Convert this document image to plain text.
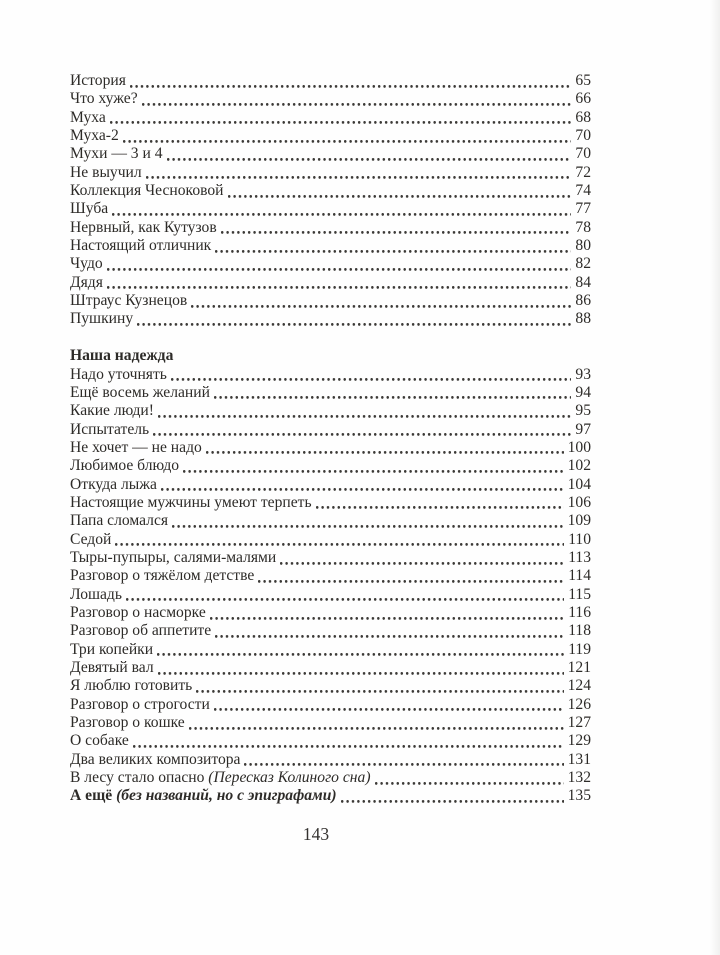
История	65
Что хуже?	66
Муха	68
Муха-2	70
Мухи — 3 и 4	70
Не выучил	72
Коллекция Чесноковой	74
Шуба	77
Нервный, как Кутузов	78
Настоящий отличник	80
Чудо	82
Дядя	84
Штраус Кузнецов	86
Пушкину	88
Наша надежда
Надо уточнять	93
Ещё восемь желаний	94
Какие люди!	95
Испытатель	97
Не хочет — не надо	100
Любимое блюдо	102
Откуда лыжа	104
Настоящие мужчины умеют терпеть	106
Папа сломался	109
Седой	110
Тыры-пупыры, салями-малями	113
Разговор о тяжёлом детстве	114
Лошадь	115
Разговор о насморке	116
Разговор об аппетите	118
Три копейки	119
Девятый вал	121
Я люблю готовить	124
Разговор о строгости	126
Разговор о кошке	127
О собаке	129
Два великих композитора	131
В лесу стало опасно (Пересказ Колиного сна)	132
А ещё (без названий, но с эпиграфами)	135
143
